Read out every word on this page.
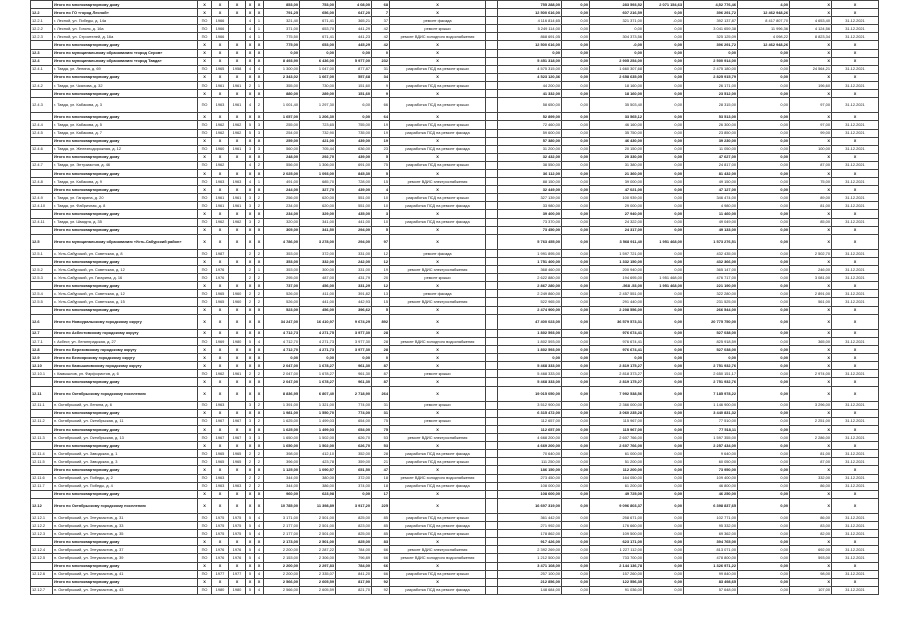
	Итого по многоквартирному дому	X	X	X	X	X	853,00	753,00	4 08,00	68	X		755 288,00	0,00	283 593,52	2 071 154,63	4,52 776,46	4,00	X	X
12.2	Итого по ГО «город Лесной»	X	X	X	X	X	791,25	656,00	647,20	7	X		12 500 616,00	0,00	607 216,59	0,00	396 291,72	12 462 948,26	X	X
12.2.1	г. Лесной, ул. Победы, д. 14а	ПО	1966		4	1	321,40	671,41	365,21	37	ремонт фасада		4 116 814,65	0,00	321 371,00	-0,00	392 137,87	8 417 807,70	4 653,40	31.12.2021
12.2.2	г. Лесной, ул. Гоголя, д. 16а	ПО	1966		4	1	371,00	653,70	441,29	42	ремонт крыши		5 249 114,00	0,00	0,00	0,00	3 041 659,38	11 996,36	4 124,56	31.12.2021
12.2.3	г. Лесной, ул. Строителей, д. 16а	ПО	1966		4	1	775,50	671,41	441,23	42	ремонт ВДИС холодного водоснабжения		868 691,05	0,00	304 373,56	0,00	325 125,09	4 098,22	8 823,34	31.12.2021
	Итого по многоквартирному дому	X	X	X	X	X	775,00	653,00	445,29	42	X		12 500 616,00	0,00	-0,00	0,00	396 291,72	12 462 948,26	X	X
12.3	Итого по муниципальному образованию «город Серов»	X	X	X	X	X	0,00	0,00	0,00	0	X		0,00	0,00	0,00	0,00	0,00	0,00	X	X
12.4	Итого по муниципальному образованию «город Тавда»	X	X	X	X	X	8 493,90	6 436,00	5 977,00	232	X		5 451 318,00	0,00	2 905 254,00	0,00	2 500 914,00	0,00	X	X
12.4.1	г. Тавда, ул. Ленина, д. 69	ПО	1965	1958	4	4	1 300,00	1 047,00	877,87	31	разработка ПСД на ремонт крыши		4 575 315,00	0,00	1 660 307,68	0,00	2 475 180,00	0,00	24 564,21	31.12.2021
	Итого по многоквартирному дому	X	X	X	X	X	2 343,02	1 667,00	557,68	34	X		4 523 120,36	0,00	2 658 635,05	0,00	2 825 915,79	0,00	X	X
12.4.2	г. Тавда, ул. Чкалова, д. 32	ПО	1961	1961	2	1	355,00	730,00	151,60	9	разработка ПСД на ремонт крыши		44 200,00	0,00	18 160,00	0,00	26 171,00	0,00	196,60	31.12.2021
	Итого по многоквартирному дому	X	X	X	X	X	880,00	289,00	151,60	9	X		41 332,00	0,00	18 160,00	0,00	23 512,00	0,00	X	X
12.4.3	г. Тавда, ул. Кабакова, д. 3	ПО	1963	1961	4	2	1 001,40	1 297,30	6,00	66	разработка ПСД на ремонт крыши		58 650,00	0,00	35 503,40	0,00	28 315,00	0,00	97,00	31.12.2021
	Итого по многоквартирному дому	X	X	X	X	X	1 657,00	1 206,30	0,00	64	X		52 899,00	0,00	33 565,12	0,00	53 513,00	0,00	X	X
12.4.4	г. Тавда, ул. Кабакова, д. 5	ПО	1962	1962	5	3	255,00	723,65	755,00	19	разработка ПСД на ремонт крыши		72 460,00	0,00	46 160,00	0,00	26 300,00	0,00	97,00	31.12.2021
12.4.5	г. Тавда, ул. Кабакова, д. 7	ПО	1962	1962	5	3	254,00	732,90	735,00	19	разработка ПСД на ремонт фасада		59 600,00	0,00	35 750,00	0,00	23 850,00	0,00	99,00	31.12.2021
	Итого по многоквартирному дому	X	X	X	X	X	259,00	421,00	439,00	19	X		57 380,00	0,00	46 430,00	0,00	39 230,00	0,00	X	X
12.4.6	г. Тавда, ул. Железнодорожная, д. 12	ПО	1960	1961	3	3	560,00	705,44	636,00	23	разработка ПСД на ремонт фасада		31 200,00	0,00	20 150,00	0,00	11 050,00	0,00	100,00	31.12.2021
	Итого по многоквартирному дому	X	X	X	X	X	248,00	292,70	439,00	5	X		32 432,00	0,00	20 330,00	0,00	47 627,00	0,00	X	X
12.4.7	г. Тавда, ул. Энтузиастов, д. 46	ПО	1962		4	2	556,00	1 306,00	691,00	75	разработка ПСД на ремонт крыши		38 550,00	0,00	31 380,00	0,00	24 817,00	0,00	87,00	31.12.2021
	Итого по многоквартирному дому	X	X	X	X	X	2 025,00	1 093,00	845,30	5	X		36 112,00	0,00	21 360,00	0,00	81 432,00	0,00	X	X
12.4.8	г. Тавда, ул. Кабакова, д. 9	ПО	1963	1963	4	1	491,00	685,70	728,00	15	ремонт ВДИС электроснабжения		88 150,00	0,00	39 000,00	0,00	49 150,00	0,00	75,00	31.12.2021
	Итого по многоквартирному дому	X	X	X	X	X	244,00	327,70	439,00	4	X		32 449,00	0,00	47 021,00	0,00	47 127,00	0,00	X	X
12.4.9	г. Тавда, ул. Гагарина, д. 20	ПО	1961	1961	3	2	256,00	620,00	551,00	10	разработка ПСД на ремонт крыши		327 139,00	0,00	100 939,00	0,00	346 474,00	0,00	89,00	31.12.2021
12.4.10	г. Тавда, ул. Фабричная, д. 8	ПО	1961	1961	3	2	234,00	620,00	551,00	10	разработка ПСД на ремонт фасада		33 980,00	0,00	29 000,00	0,00	4 980,00	0,00	81,00	31.12.2021
	Итого по многоквартирному дому	X	X	X	X	X	234,00	329,00	435,00	3	X		39 400,00	0,00	27 940,00	0,00	11 460,00	0,00	X	X
12.4.11	г. Тавда, ул. Шмидта, д. 35	ПО	1962	1962	3	2	320,00	341,00	441,00	10	разработка ПСД на ремонт фасада		73 370,00	0,00	24 322,00	0,00	49 049,00	0,00	85,00	31.12.2021
	Итого по многоквартирному дому	X	X	X	X	X	305,00	341,50	294,00	5	X		73 450,00	0,00	24 317,00	0,00	49 133,00	0,00	X	X
12.5	Итого по муниципальному образованию «Усть-Сабурский район»	X	X	X	X	X	4 786,00	3 278,00	294,00	97	X		5 763 455,00	0,00	3 568 911,40	1 951 468,00	1 573 276,51	0,00	X	X
12.5.1	с. Усть-Сабурский, ул. Советская, д. 8	ПО	1987		2	2	353,00	372,00	331,00	12	ремонт фасада		1 991 895,00	0,00	1 597 721,00	0,00	432 435,00	0,00	2 502,70	31.12.2021
	Итого по многоквартирному дому	X	X	X	X	X	353,00	332,00	242,00	12	X		1 751 400,00	0,00	1 332 150,00	0,00	432 366,00	0,00	X	X
12.5.2	с. Усть-Сабурский, ул. Советская, д. 12	ПО	1976		2	1	353,00	300,00	331,00	19	ремонт ВДИС электроснабжения		368 460,00	0,00	200 940,00	0,00	365 147,00	0,00	246,00	31.12.2021
12.5.3	с. Усть-Сабурский, ул. Гагарина, д. 16	ПО	1976		2	2	295,00	487,00	431,79	20	ремонт крыши		2 622 880,00	0,00	194 695,00	1 951 468,00	476 717,00	0,00	3 081,00	31.12.2021
	Итого по многоквартирному дому	X	X	X	X	X	737,00	456,00	331,29	12	X		2 867 280,00	0,00	-568 -53,00	1 951 468,00	221 190,00	0,00	X	X
12.5.4	с. Усть-Сабурский, ул. Советская, д. 12	ПО	1965	1960	2	2	526,00	411,00	391,82	13	ремонт фасада		2 249 860,00	0,00	2 457 551,00	0,00	322 280,00	0,00	2 891,00	31.12.2021
12.5.5	с. Усть-Сабурский, ул. Советская, д. 15	ПО	1965	1960	2	2	526,00	441,00	442,93	15	ремонт ВДИС электроснабжения		522 965,00	0,00	291 440,00	0,00	231 525,00	0,00	561,00	31.12.2021
	Итого по многоквартирному дому	X	X	X	X	X	523,00	456,00	396,62	5	X		2 474 900,00	0,00	2 208 556,00	0,00	266 544,00	0,00	X	X
12.6	Итого по Новоуральскому городскому округу	X	X	X	X	X	34 247,00	16 410,97	9 674,29	892	X		47 400 023,00	0,00	36 579 573,31	0,00	20 775 750,00	0,00	X	X
12.7	Итого по Асбестовскому городскому округу	X	X	X	X	X	4 712,73	4 271,75	3 977,30	28	X		1 802 593,00	0,00	976 674,41	0,00	527 038,00	0,00	X	X
12.7.1	г. Асбест, ул. Ленинградская, д. 27	ПО	1969	1980	5	4	4 712,70	4 271,73	3 977,30	28	ремонт ВДИС холодного водоснабжения		1 802 593,00	0,00	976 674,41	0,00	825 918,59	0,00	365,00	31.12.2021
12.8	Итого по Березовскому городскому округу	X	X	X	X	X	4 712,70	4 271,73	3 977,30	28	X		1 802 593,00	0,00	976 674,41	0,00	527 038,00	0,00	X	X
12.9	Итого по Белоярскому городскому округу	X	X	X	X	X	0,00	0,00	0,00	0	X		0,00	0,00	0,00	0,00	0,00	0,00	X	X
12.10	Итого по Камышловскому городскому округу	X	X	X	X	X	2 047,00	1 678,27	961,30	87	X		5 468 333,00	0,00	2 819 175,27	0,00	2 751 932,76	0,00	X	X
12.10.1	г. Камышлов, ул. Фарфористов, д. 6	ПО	1962	1961	2	2	2 047,00	1 678,27	961,30	87	ремонт крыши		5 468 333,00	0,00	2 818 373,27	0,00	2 650 151,17	0,00	2 974,00	31.12.2021
	Итого по многоквартирному дому	X	X	X	X	X	2 047,00	1 678,27	961,30	87	X		5 468 333,00	0,00	2 819 175,27	0,00	2 751 932,76	0,00	X	X
12.11	Итого по Октябрьскому городскому поселению	X	X	X	X	X	8 836,95	6 807,40	2 718,90	264	X		19 015 050,00	0,00	7 992 538,56	0,00	7 185 978,22	0,00	X	X
12.11.1	п. Октябрьский, ул. Ленина, д. 6	ПО	1963		3	2	1 391,00	1 321,00	774,00	31	ремонт крыши		3 512 900,00	0,00	2 366 000,00	0,00	1 146 900,00	0,00	3 296,00	31.12.2021
	Итого по многоквартирному дому	X	X	X	X	X	1 981,00	1 550,70	774,00	31	X		6 315 472,00	0,00	3 060 235,28	0,00	3 440 831,32	0,00	X	X
12.11.2	п. Октябрьский, ул. Октябрьская, д. 11	ПО	1967	1967	3	2	1 625,00	1 499,03	654,00	75	ремонт крыши		112 657,00	0,00	115 967,00	0,00	77 510,00	0,00	2 251,00	31.12.2021
	Итого по многоквартирному дому	X	X	X	X	X	1 625,00	1 499,03	654,00	75	X		112 657,00	0,00	115 967,00	0,00	77 518,11	0,00	X	X
12.11.3	п. Октябрьский, ул. Октябрьская, д. 13	ПО	1967	1967	3	3	1 650,00	1 502,00	626,70	53	ремонт ВДИС электроснабжения		4 668 200,00	0,00	2 607 766,00	0,00	1 597 355,00	0,00	2 286,00	31.12.2021
	Итого по многоквартирному дому	X	X	X	X	X	1 650,00	1 502,00	626,70	53	X		4 669 200,00	0,00	2 607 766,00	0,00	2 257 434,00	0,00	X	X
12.11.4	п. Октябрьский, ул. Заводская, д. 1	ПО	1965	1965	2	2	398,00	412,10	352,00	28	разработка ПСД на ремонт фасада		70 640,00	0,00	61 000,00	0,00	9 640,00	0,00	81,00	31.12.2021
12.11.5	п. Октябрьский, ул. Заводская, д. 3	ПО	1965	1965	2	2	396,00	423,78	359,00	21	разработка ПСД на ремонт крыши		111 250,00	0,00	51 200,00	0,00	60 050,00	0,00	87,00	31.12.2021
	Итого по многоквартирному дому	X	X	X	X	X	1 125,00	1 090,57	651,50	47	X		186 150,00	0,00	112 200,00	0,00	73 950,00	0,00	X	X
12.11.6	п. Октябрьский, ул. Победы, д. 2	ПО	1963		2	2	344,00	380,00	372,00	18	ремонт ВДИС холодного водоснабжения		273 450,00	0,00	164 050,00	0,00	109 400,00	0,00	332,00	31.12.2021
12.11.7	п. Октябрьский, ул. Победы, д. 4	ПО	1963	1963	2	2	344,00	386,00	374,00	18	разработка ПСД на ремонт фасада		108 000,00	0,00	61 200,00	0,00	46 800,00	0,00	86,00	31.12.2021
	Итого по многоквартирному дому	X	X	X	X	X	960,00	623,98	0,00	17	X		108 600,00	0,00	49 725,00	0,00	46 250,00	0,00	X	X
12.12	Итого по Октябрьскому городскому поселению	X	X	X	X	X	10 785,00	11 398,89	3 917,20	225	X		16 697 319,00	0,00	9 096 803,37	0,00	6 398 837,65	0,00	X	X
12.12.1	п. Октябрьский, ул. Энтузиастов, д. 31	ПО	1975	1975	5	4	3 171,00	2 501,00	825,00	85	разработка ПСД на ремонт крыши		361 442,00	0,00	258 671,00	0,00	102 771,00	0,00	86,00	31.12.2021
12.12.2	п. Октябрьский, ул. Энтузиастов, д. 33	ПО	1975	1975	5	4	2 177,00	2 501,00	823,00	85	разработка ПСД на ремонт фасада		271 992,00	0,00	176 660,00	0,00	95 332,00	0,00	83,00	31.12.2021
12.12.3	п. Октябрьский, ул. Энтузиастов, д. 35	ПО	1975	1975	5	4	2 177,00	2 501,00	825,00	85	разработка ПСД на ремонт крыши		178 862,00	0,00	109 500,00	0,00	69 362,00	0,00	82,00	31.12.2021
	Итого по многоквартирному дому	X	X	X	X	X	2 173,00	2 501,00	825,00	83	X		917 426,00	0,00	623 171,00	0,00	394 765,00	0,00	X	X
12.12.4	п. Октябрьский, ул. Энтузиастов, д. 37	ПО	1976	1976	5	4	2 200,00	2 287,22	784,00	66	ремонт ВДИС электроснабжения		2 392 269,00	0,00	1 227 112,00	0,00	813 071,00	0,00	692,00	31.12.2021
12.12.5	п. Октябрьский, ул. Энтузиастов, д. 39	ПО	1976	1976	5	4	2 153,00	2 306,00	796,89	66	ремонт ВДИС холодного водоснабжения		1 212 500,00	0,00	733 700,00	0,00	478 800,00	0,00	593,00	31.12.2021
	Итого по многоквартирному дому	X	X	X	X	X	2 200,00	2 297,83	784,00	66	X		3 471 108,00	0,00	2 144 136,78	0,00	1 326 971,22	0,00	X	X
12.12.6	п. Октябрьский, ул. Энтузиастов, д. 41	ПО	1977	1977	5	4	2 200,00	2 335,07	841,20	66	разработка ПСД на ремонт крыши		257 100,00	0,00	157 260,00	0,00	99 840,00	0,00	98,00	31.12.2021
	Итого по многоквартирному дому	X	X	X	X	X	2 566,00	2 605,59	817,90	92	X		212 856,00	0,00	122 556,35	0,00	83 498,65	0,00	X	X
12.12.7	п. Октябрьский, ул. Энтузиастов, д. 43	ПО	1980	1980	5	4	2 566,00	2 605,59	821,70	92	разработка ПСД на ремонт фасада		148 684,00	0,00	91 036,00	0,00	57 648,00	0,00	107,00	31.12.2021
